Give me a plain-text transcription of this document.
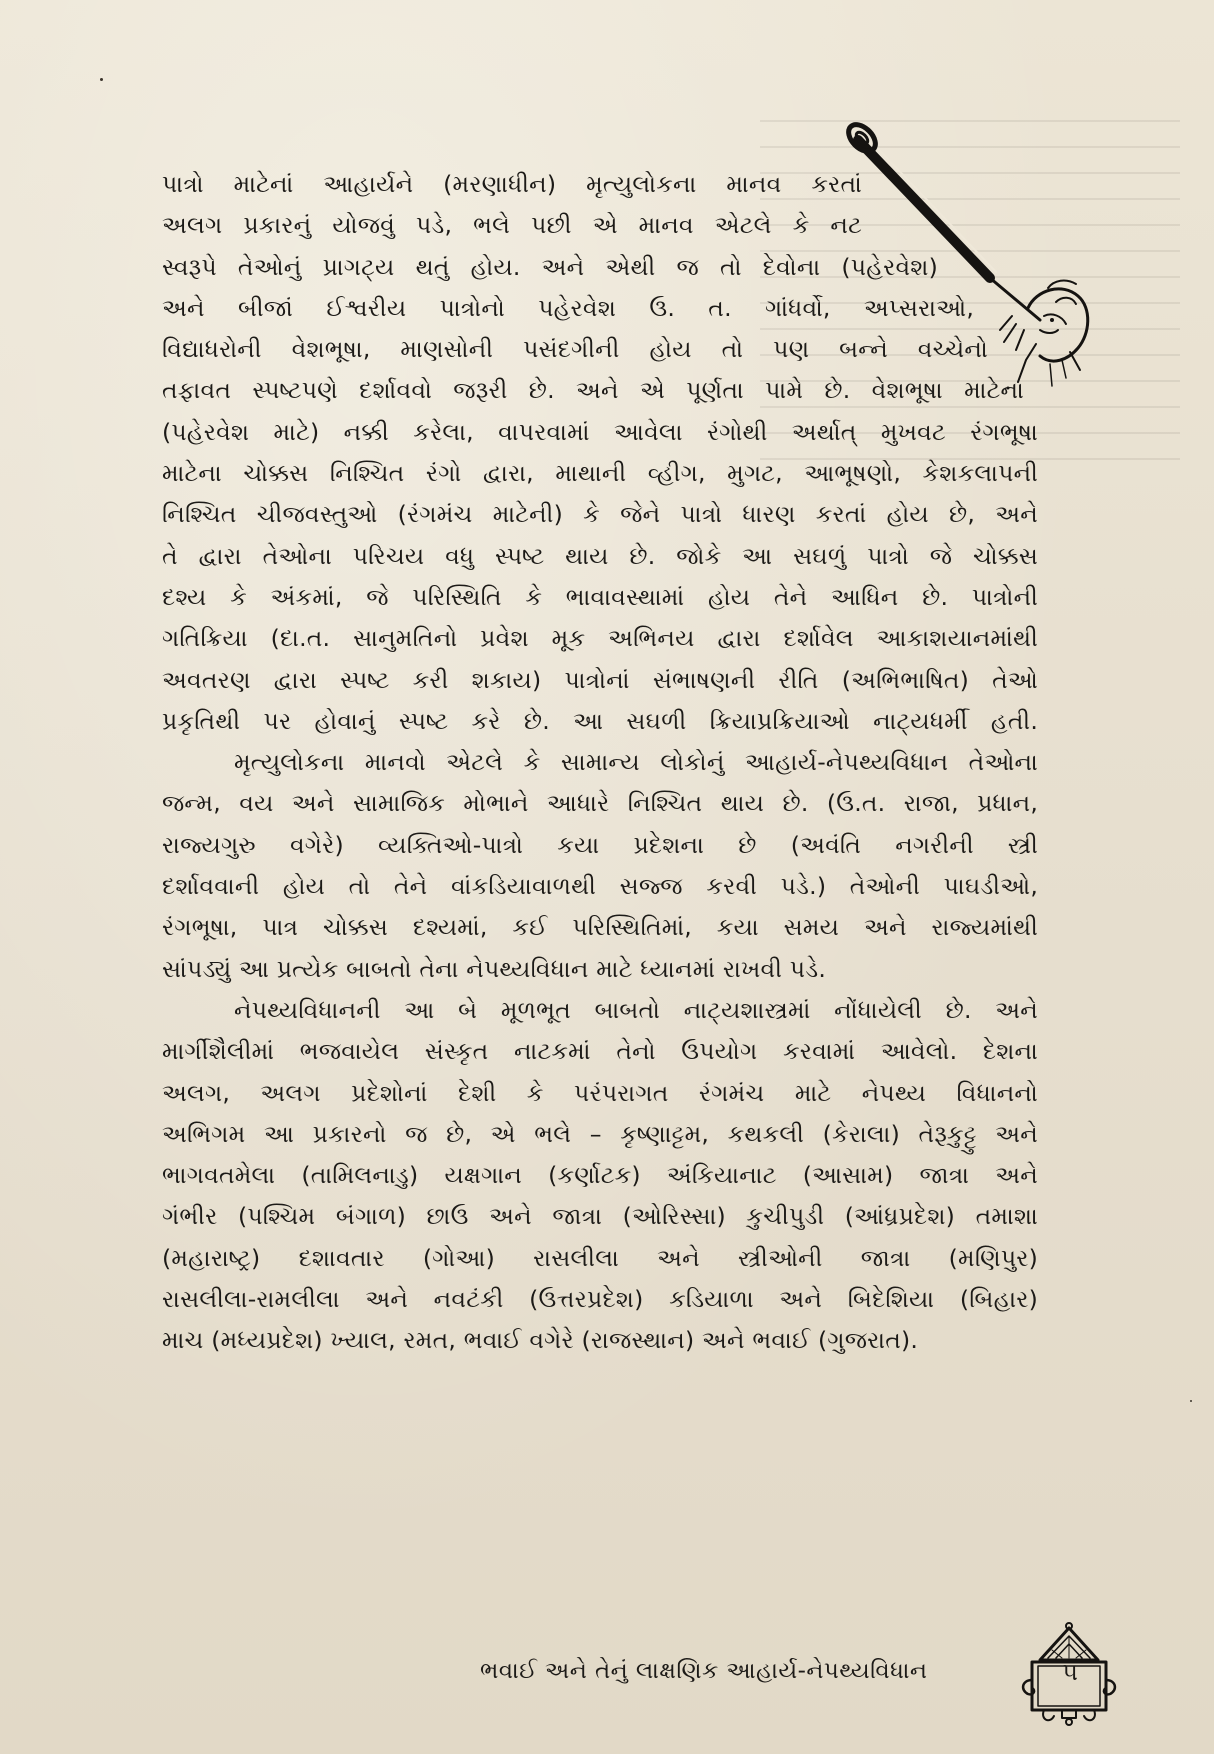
પાત્રો માટેનાં આહાર્યને (મરણાધીન) મૃત્યુલોકના માનવ કરતાં
અલગ પ્રકારનું યોજવું પડે, ભલે પછી એ માનવ એટલે કે નટ
સ્વરૂપે તેઓનું પ્રાગટ્ય થતું હોય. અને એથી જ તો દેવોના (પહેરવેશ)
અને બીજાં ઈશ્વરીય પાત્રોનો પહેરવેશ ઉ. ત. ગાંધર્વો, અપ્સરાઓ,
વિદ્યાધરોની વેશભૂષા, માણસોની પસંદગીની હોય તો પણ બન્ને વચ્ચેનો
તફાવત સ્પષ્ટપણે દર્શાવવો જરૂરી છે. અને એ પૂર્ણતા પામે છે. વેશભૂષા માટેના
(પહેરવેશ માટે) નક્કી કરેલા, વાપરવામાં આવેલા રંગોથી અર્થાત્ મુખવટ રંગભૂષા
માટેના ચોક્કસ નિશ્ચિત રંગો દ્વારા, માથાની વ્હીગ, મુગટ, આભૂષણો, કેશકલાપની
નિશ્ચિત ચીજવસ્તુઓ (રંગમંચ માટેની) કે જેને પાત્રો ધારણ કરતાં હોય છે, અને
તે દ્વારા તેઓના પરિચય વધુ સ્પષ્ટ થાય છે. જોકે આ સઘળું પાત્રો જે ચોક્કસ
દશ્ય કે અંકમાં, જે પરિસ્થિતિ કે ભાવાવસ્થામાં હોય તેને આધિન છે. પાત્રોની
ગતિક્રિયા (દા.ત. સાનુમતિનો પ્રવેશ મૂક અભિનય દ્વારા દર્શાવેલ આકાશયાનમાંથી
અવતરણ દ્વારા સ્પષ્ટ કરી શકાય) પાત્રોનાં સંભાષણની રીતિ (અભિભાષિત) તેઓ
પ્રકૃતિથી પર હોવાનું સ્પષ્ટ કરે છે. આ સઘળી ક્રિયાપ્રક્રિયાઓ નાટ્યધર્મી હતી.
મૃત્યુલોકના માનવો એટલે કે સામાન્ય લોકોનું આહાર્ય-નેપથ્યવિધાન તેઓના
જન્મ, વય અને સામાજિક મોભાને આધારે નિશ્ચિત થાય છે. (ઉ.ત. રાજા, પ્રધાન,
રાજ્યગુરુ વગેરે) વ્યક્તિઓ-પાત્રો કયા પ્રદેશના છે (અવંતિ નગરીની સ્ત્રી
દર્શાવવાની હોય તો તેને વાંકડિયાવાળથી સજ્જ કરવી પડે.) તેઓની પાઘડીઓ,
રંગભૂષા, પાત્ર ચોક્કસ દશ્યમાં, કઈ પરિસ્થિતિમાં, કયા સમય અને રાજ્યમાંથી
સાંપડ્યું આ પ્રત્યેક બાબતો તેના નેપથ્યવિધાન માટે ધ્યાનમાં રાખવી પડે.
નેપથ્યવિધાનની આ બે મૂળભૂત બાબતો નાટ્યશાસ્ત્રમાં નોંધાયેલી છે. અને
માર્ગીશૈલીમાં ભજવાયેલ સંસ્કૃત નાટકમાં તેનો ઉપયોગ કરવામાં આવેલો. દેશના
અલગ, અલગ પ્રદેશોનાં દેશી કે પરંપરાગત રંગમંચ માટે નેપથ્ય વિધાનનો
અભિગમ આ પ્રકારનો જ છે, એ ભલે – કૃષ્ણાટ્ટમ, કથકલી (કેરાલા) તેરૂકુટ્ટુ અને
ભાગવતમેલા (તામિલનાડુ) યક્ષગાન (કર્ણાટક) અંકિયાનાટ (આસામ) જાત્રા અને
ગંભીર (પશ્ચિમ બંગાળ) છાઉ અને જાત્રા (ઓરિસ્સા) કુચીપુડી (આંધ્રપ્રદેશ) તમાશા
(મહારાષ્ટ્ર) દશાવતાર (ગોઆ) રાસલીલા અને સ્ત્રીઓની જાત્રા (મણિપુર)
રાસલીલા-રામલીલા અને નવટંકી (ઉત્તરપ્રદેશ) કડિયાળા અને બિદેશિયા (બિહાર)
માચ (મધ્યપ્રદેશ) ખ્યાલ, રમત, ભવાઈ વગેરે (રાજસ્થાન) અને ભવાઈ (ગુજરાત).
ભવાઈ અને તેનું લાક્ષણિક આહાર્ય-નેપથ્યવિધાન	૫
